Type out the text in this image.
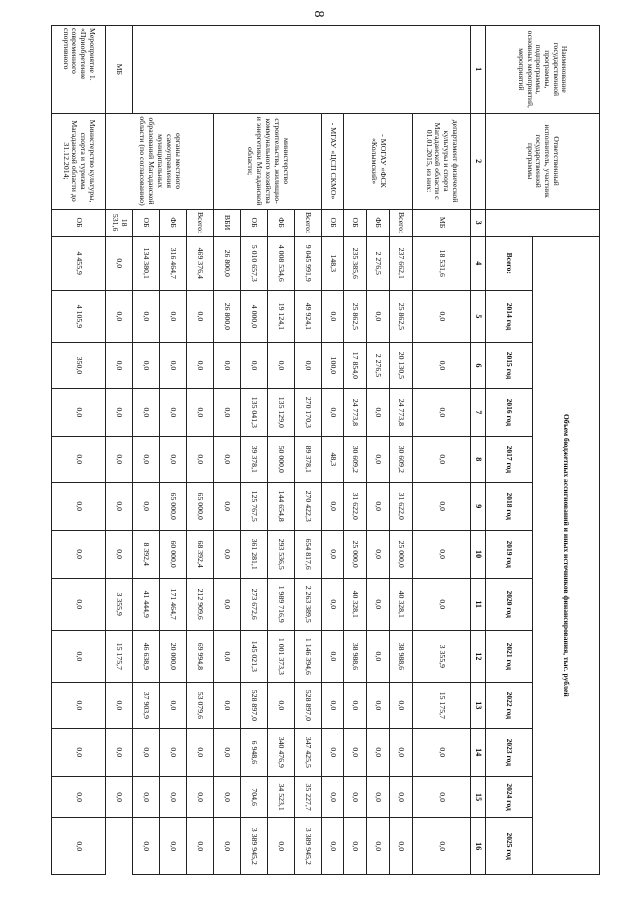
8
Наименование государственной программы, подпрограммы, основных мероприятий, мероприятий	Ответственный исполнитель, участник государственной программы		Объем бюджетных ассигнований и иных источников финансирования, тыс. рублей												
			Всего:	2014 год	2015 год	2016 год	2017 год	2018 год	2019 год	2020 год	2021 год	2022 год	2023 год	2024 год	2025 год
1	2	3	4	5	6	7	8	9	10	11	12	13	14	15	16
	департамент физической культуры и спорта Магаданской области с 01.01.2015, из них:	МБ	18 531,6	0,0	0,0	0,0	0,0	0,0	0,0	0,0	3 355,9	15 175,7	0,0	0,0	0,0
	- МОГАУ «ФСК «Колымский»	Всего:	237 662,1	25 862,5	20 130,5	24 773,8	30 609,2	31 622,0	25 000,0	40 328,1	38 988,6	0,0	0,0	0,0	0,0
		ФБ	2 276,5	0,0	2 276,5	0,0	0,0	0,0	0,0	0,0	0,0	0,0	0,0	0,0	0,0
		ОБ	235 385,6	25 862,5	17 854,0	24 773,8	30 609,2	31 622,0	25 000,0	40 328,1	38 988,6	0,0	0,0	0,0	0,0
	- МГАУ «ЦСП СКМО»	ОБ	148,3	0,0	100,0	0,0	48,3	0,0	0,0	0,0	0,0	0,0	0,0	0,0	0,0
	министерство строительства, жилищно-коммунального хозяйства и энергетики Магаданской области;	Всего:	9 045 991,9	49 924,1	0,0	270 170,3	89 378,1	270 422,3	654 817,6	2 263 389,5	1 146 394,6	528 897,0	347 425,5	35 227,7	3 389 945,2
		ФБ	4 008 534,6	19 124,1	0,0	135 129,0	50 000,0	144 654,8	293 536,5	1 989 716,9	1 001 373,3	0,0	340 476,9	34 523,1	0,0
		ОБ	5 010 657,3	4 000,0	0,0	135 041,3	39 378,1	125 767,5	361 281,1	273 672,6	145 021,3	528 897,0	6 948,6	704,6	3 389 945,2
		ВБИ	26 800,0	26 800,0	0,0	0,0	0,0	0,0	0,0	0,0	0,0	0,0	0,0	0,0	0,0
	органы местного самоуправления муниципальных образований Магаданской области (по согласованию)	Всего:	469 376,4	0,0	0,0	0,0	0,0	65 000,0	68 392,4	212 909,6	69 994,8	53 079,6	0,0	0,0	0,0
		ФБ	316 464,7	0,0	0,0	0,0	0,0	65 000,0	60 000,0	171 464,7	20 000,0	0,0	0,0	0,0	0,0
		ОБ	134 380,1	0,0	0,0	0,0	0,0	0,0	8 392,4	41 444,9	46 638,9	37 903,9	0,0	0,0	0,0
МБ		18 531,6	0,0	0,0	0,0	0,0	0,0	0,0	0,0	3 355,9	15 175,7	0,0	0,0	0,0	
Мероприятие 1. «Приобретение современного спортивного	Министерство культуры, спорта и туризма Магаданской области до 31.12.2014;	ОБ	4 455,9	4 105,9	350,0	0,0	0,0	0,0	0,0	0,0	0,0	0,0	0,0	0,0	0,0
